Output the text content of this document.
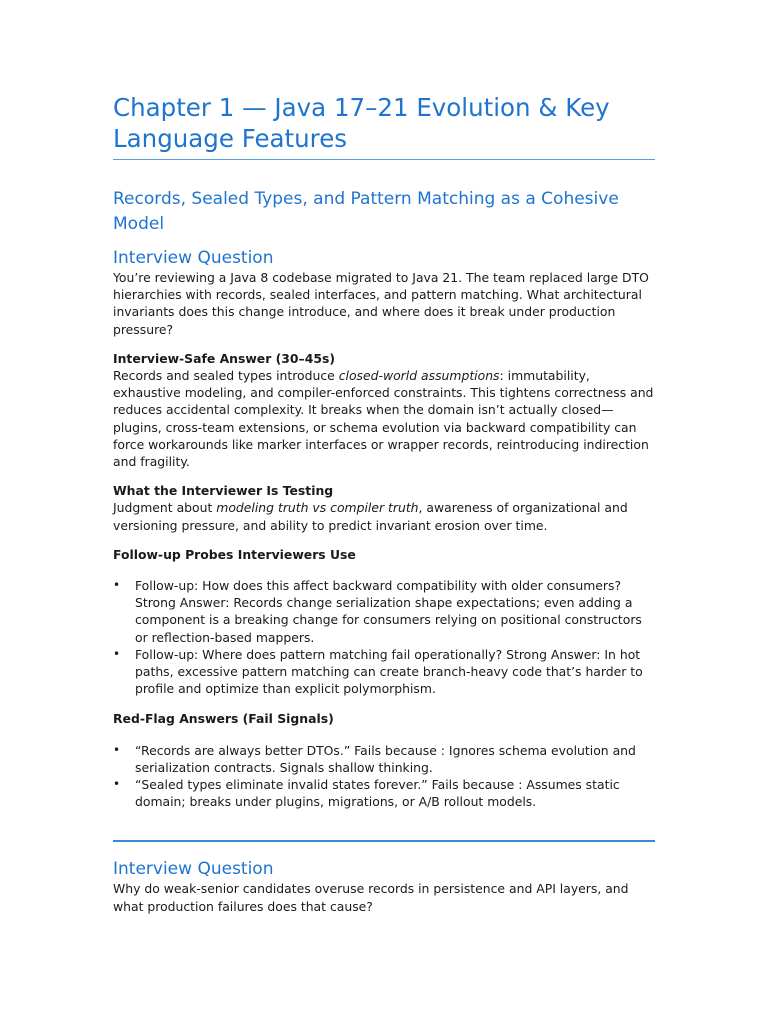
Chapter 1 — Java 17–21 Evolution & Key Language Features
Records, Sealed Types, and Pattern Matching as a Cohesive Model
Interview Question

You’re reviewing a Java 8 codebase migrated to Java 21. The team replaced large DTO hierarchies with records, sealed interfaces, and pattern matching. What architectural invariants does this change introduce, and where does it break under production pressure?

Interview-Safe Answer (30–45s)

Records and sealed types introduce closed-world assumptions: immutability, exhaustive modeling, and compiler-enforced constraints. This tightens correctness and reduces accidental complexity. It breaks when the domain isn’t actually closed—plugins, cross-team extensions, or schema evolution via backward compatibility can force workarounds like marker interfaces or wrapper records, reintroducing indirection and fragility.

What the Interviewer Is Testing

Judgment about modeling truth vs compiler truth, awareness of organizational and versioning pressure, and ability to predict invariant erosion over time.

Follow-up Probes Interviewers Use

• Follow-up: How does this affect backward compatibility with older consumers? Strong Answer: Records change serialization shape expectations; even adding a component is a breaking change for consumers relying on positional constructors or reflection-based mappers.
• Follow-up: Where does pattern matching fail operationally? Strong Answer: In hot paths, excessive pattern matching can create branch-heavy code that’s harder to profile and optimize than explicit polymorphism.

Red-Flag Answers (Fail Signals)

• “Records are always better DTOs.” Fails because : Ignores schema evolution and serialization contracts. Signals shallow thinking.
• “Sealed types eliminate invalid states forever.” Fails because : Assumes static domain; breaks under plugins, migrations, or A/B rollout models.
Interview Question

Why do weak-senior candidates overuse records in persistence and API layers, and what production failures does that cause?
